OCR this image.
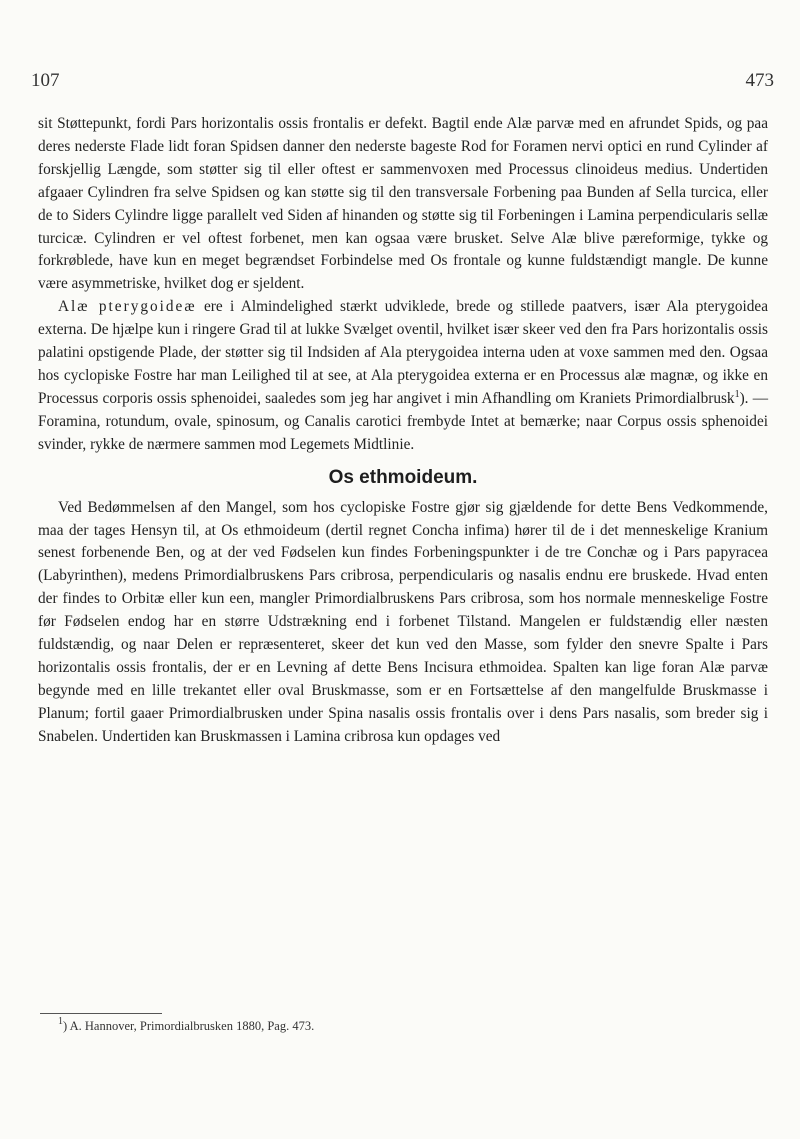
107	473

sit Støttepunkt, fordi Pars horizontalis ossis frontalis er defekt. Bagtil ende Alæ parvæ med en afrundet Spids, og paa deres nederste Flade lidt foran Spidsen danner den nederste bageste Rod for Foramen nervi optici en rund Cylinder af forskjellig Længde, som støtter sig til eller oftest er sammenvoxen med Processus clinoideus medius. Undertiden afgaaer Cylindren fra selve Spidsen og kan støtte sig til den transversale Forbening paa Bunden af Sella turcica, eller de to Siders Cylindre ligge parallelt ved Siden af hinanden og støtte sig til Forbeningen i Lamina perpendicularis sellæ turcicæ. Cylindren er vel oftest forbenet, men kan ogsaa være brusket. Selve Alæ blive pæreformige, tykke og forkrøblede, have kun en meget begrændset Forbindelse med Os frontale og kunne fuldstændigt mangle. De kunne være asymmetriske, hvilket dog er sjeldent.

Alæ pterygoideæ ere i Almindelighed stærkt udviklede, brede og stillede paatvers, især Ala pterygoidea externa. De hjælpe kun i ringere Grad til at lukke Svælget oventil, hvilket især skeer ved den fra Pars horizontalis ossis palatini opstigende Plade, der støtter sig til Indsiden af Ala pterygoidea interna uden at voxe sammen med den. Ogsaa hos cyclopiske Fostre har man Leilighed til at see, at Ala pterygoidea externa er en Processus alæ magnæ, og ikke en Processus corporis ossis sphenoidei, saaledes som jeg har angivet i min Afhandling om Kraniets Primordialbrusk$^1$). — Foramina, rotundum, ovale, spinosum, og Canalis carotici frembyde Intet at bemærke; naar Corpus ossis sphenoidei svinder, rykke de nærmere sammen mod Legemets Midtlinie.

Os ethmoideum.

Ved Bedømmelsen af den Mangel, som hos cyclopiske Fostre gjør sig gjældende for dette Bens Vedkommende, maa der tages Hensyn til, at Os ethmoideum (dertil regnet Concha infima) hører til de i det menneskelige Kranium senest forbenende Ben, og at der ved Fødselen kun findes Forbeningspunkter i de tre Conchæ og i Pars papyracea (Labyrinthen), medens Primordialbruskens Pars cribrosa, perpendicularis og nasalis endnu ere bruskede. Hvad enten der findes to Orbitæ eller kun een, mangler Primordialbruskens Pars cribrosa, som hos normale menneskelige Fostre før Fødselen endog har en større Udstrækning end i forbenet Tilstand. Mangelen er fuldstændig eller næsten fuldstændig, og naar Delen er repræsenteret, skeer det kun ved den Masse, som fylder den snevre Spalte i Pars horizontalis ossis frontalis, der er en Levning af dette Bens Incisura ethmoidea. Spalten kan lige foran Alæ parvæ begynde med en lille trekantet eller oval Bruskmasse, som er en Fortsættelse af den mangelfulde Bruskmasse i Planum; fortil gaaer Primordialbrusken under Spina nasalis ossis frontalis over i dens Pars nasalis, som breder sig i Snabelen. Undertiden kan Bruskmassen i Lamina cribrosa kun opdages ved

$^1$) A. Hannover, Primordialbrusken 1880, Pag. 473.
